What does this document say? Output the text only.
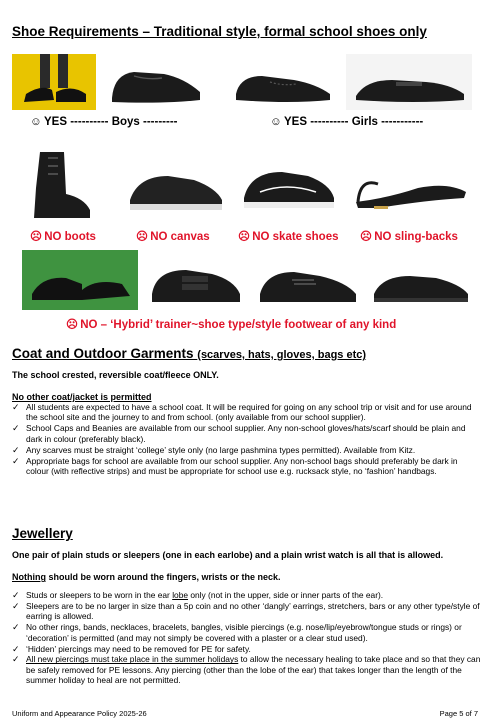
Shoe Requirements – Traditional style, formal school shoes only
☺ YES ---------- Boys ---------	☺ YES ---------- Girls -----------
☹ NO boots	☹ NO canvas ☹ NO skate shoes ☹ NO sling-backs
☹ NO – ‘Hybrid’ trainer~shoe type/style footwear of any kind
Coat and Outdoor Garments (scarves, hats, gloves, bags etc)
The school crested, reversible coat/fleece ONLY.
No other coat/jacket is permitted
✓ All students are expected to have a school coat. It will be required for going on any school trip or visit and for use around the school site and the journey to and from school. (only available from our school supplier).
✓ School Caps and Beanies are available from our school supplier. Any non-school gloves/hats/scarf should be plain and dark in colour (preferably black).
✓ Any scarves must be straight ‘college’ style only (no large pashmina types permitted). Available from Kitz.
✓ Appropriate bags for school are available from our school supplier. Any non-school bags should preferably be dark in colour (with reflective strips) and must be appropriate for school use e.g. rucksack style, no ‘fashion’ handbags.
Jewellery
One pair of plain studs or sleepers (one in each earlobe) and a plain wrist watch is all that is allowed.
Nothing should be worn around the fingers, wrists or the neck.
✓ Studs or sleepers to be worn in the ear lobe only (not in the upper, side or inner parts of the ear).
✓ Sleepers are to be no larger in size than a 5p coin and no other ‘dangly’ earrings, stretchers, bars or any other type/style of earring is allowed.
✓ No other rings, bands, necklaces, bracelets, bangles, visible piercings (e.g. nose/lip/eyebrow/tongue studs or rings) or ‘decoration’ is permitted (and may not simply be covered with a plaster or a clear stud used).
✓ ‘Hidden’ piercings may need to be removed for PE for safety.
✓ All new piercings must take place in the summer holidays to allow the necessary healing to take place and so that they can be safely removed for PE lessons. Any piercing (other than the lobe of the ear) that takes longer than the length of the summer holiday to heal are not permitted.
Uniform and Appearance Policy 2025-26	Page 5 of 7
